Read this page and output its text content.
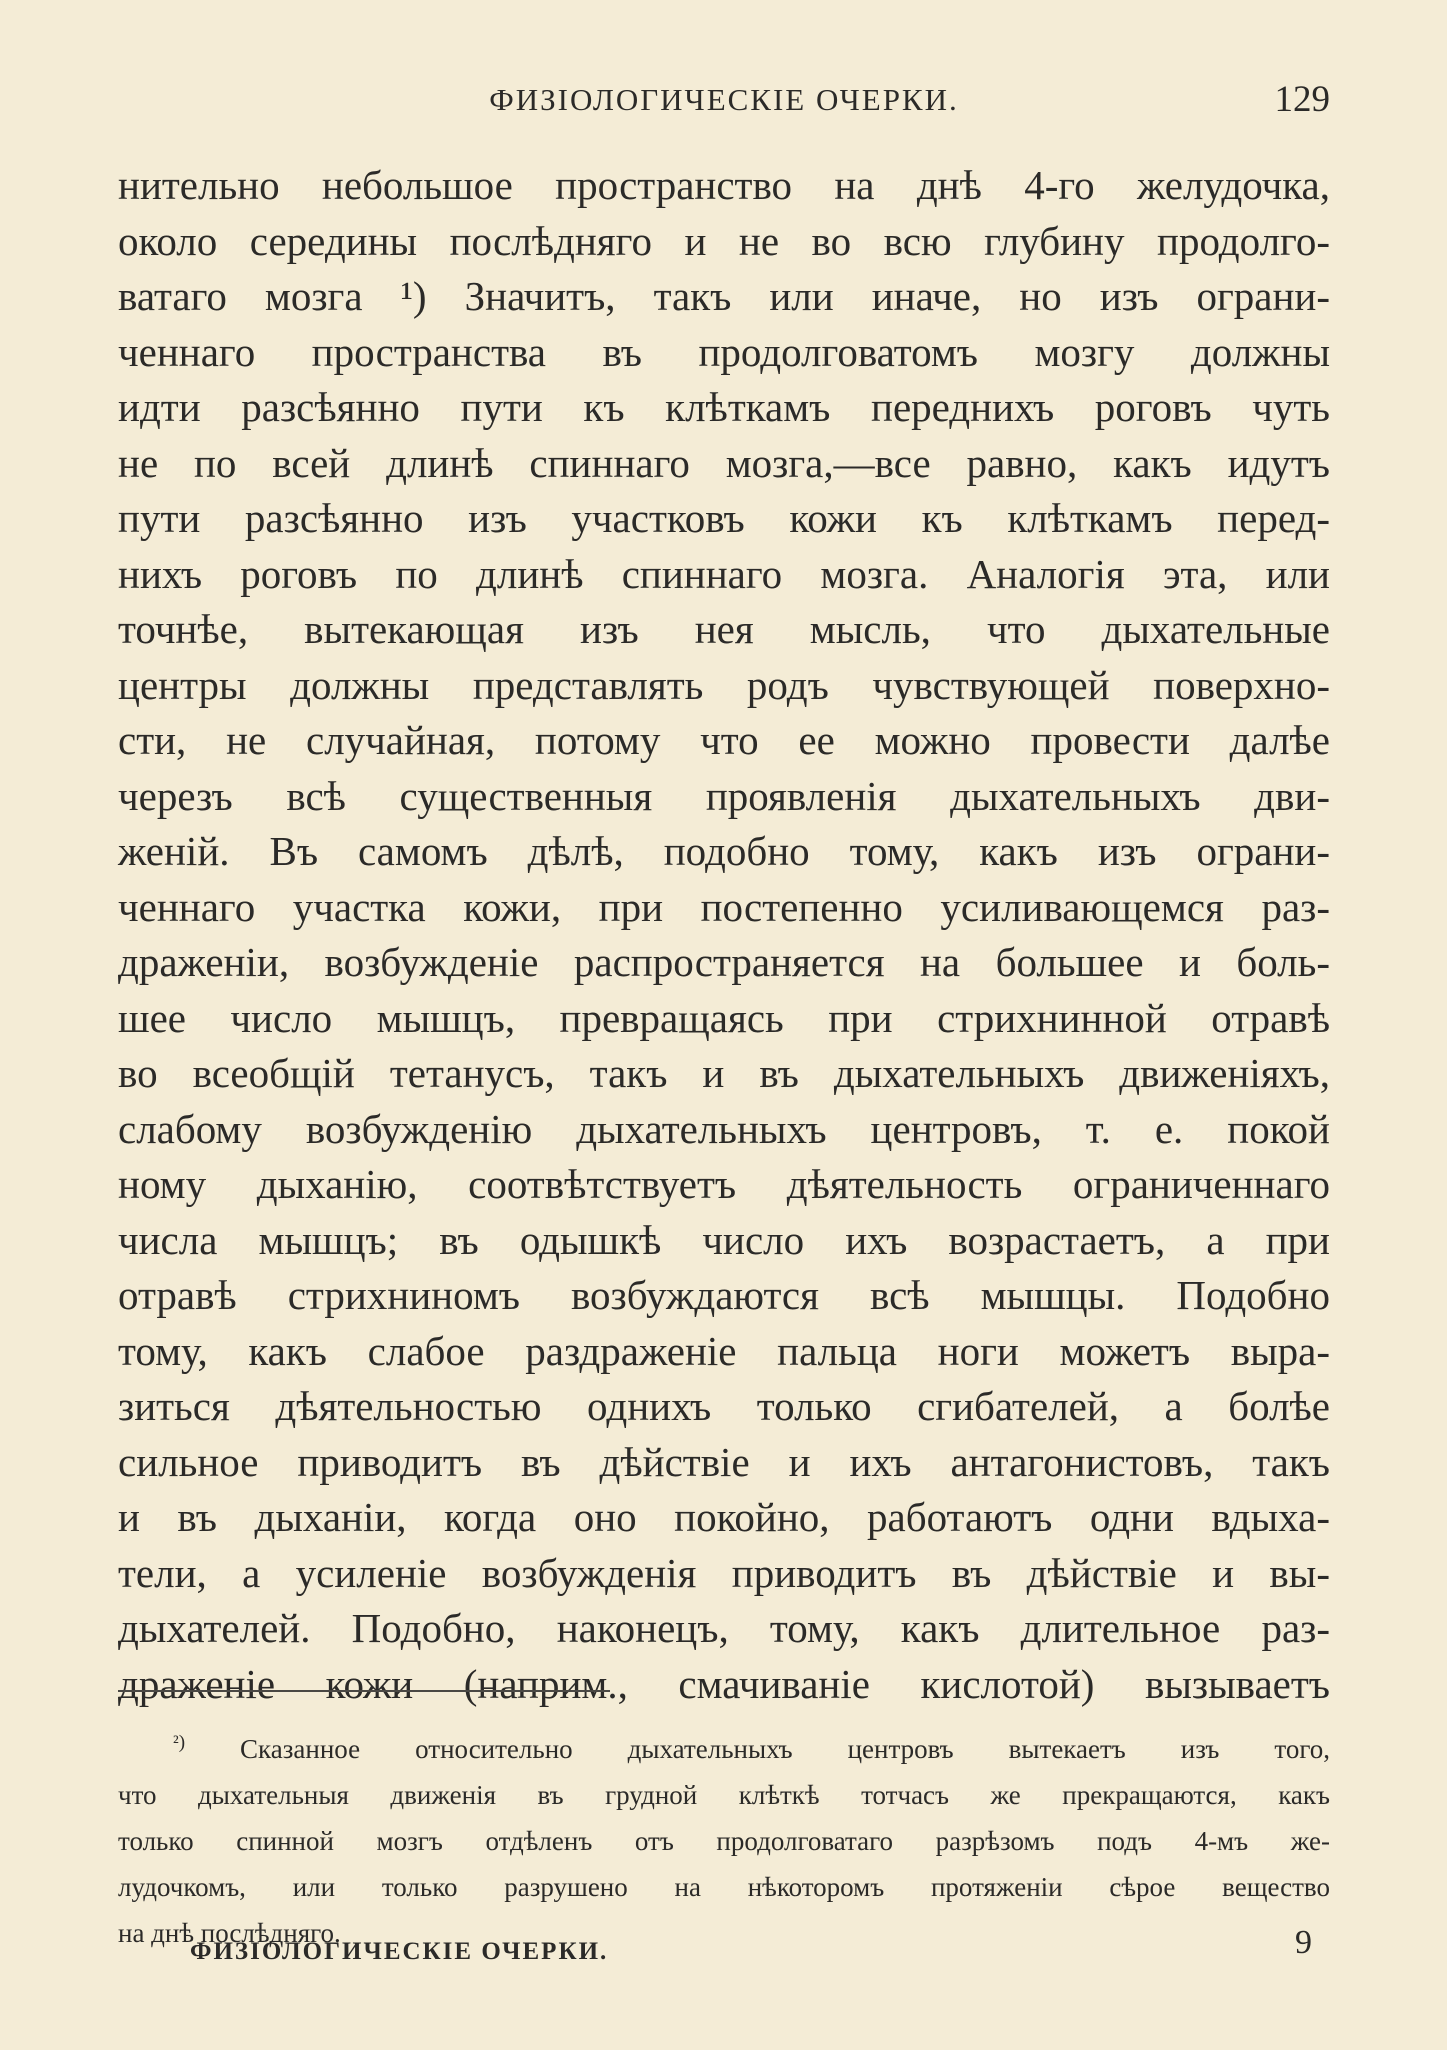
ФИЗІОЛОГИЧЕСКІЕ ОЧЕРКИ.	129
нительно небольшое пространство на днѣ 4-го желудочка,
около середины послѣдняго и не во всю глубину продолго-
ватаго мозга ¹) Значитъ, такъ или иначе, но изъ ограни-
ченнаго пространства въ продолговатомъ мозгу должны
идти разсѣянно пути къ клѣткамъ переднихъ роговъ чуть
не по всей длинѣ спиннаго мозга,—все равно, какъ идутъ
пути разсѣянно изъ участковъ кожи къ клѣткамъ перед-
нихъ роговъ по длинѣ спиннаго мозга. Аналогія эта, или
точнѣе, вытекающая изъ нея мысль, что дыхательные
центры должны представлять родъ чувствующей поверхно-
сти, не случайная, потому что ее можно провести далѣе
черезъ всѣ существенныя проявленія дыхательныхъ дви-
женій. Въ самомъ дѣлѣ, подобно тому, какъ изъ ограни-
ченнаго участка кожи, при постепенно усиливающемся раз-
драженіи, возбужденіе распространяется на большее и боль-
шее число мышцъ, превращаясь при стрихнинной отравѣ
во всеобщій тетанусъ, такъ и въ дыхательныхъ движеніяхъ,
слабому возбужденію дыхательныхъ центровъ, т. е. покой
ному дыханію, соотвѣтствуетъ дѣятельность ограниченнаго
числа мышцъ; въ одышкѣ число ихъ возрастаетъ, а при
отравѣ стрихниномъ возбуждаются всѣ мышцы. Подобно
тому, какъ слабое раздраженіе пальца ноги можетъ выра-
зиться дѣятельностью однихъ только сгибателей, а болѣе
сильное приводитъ въ дѣйствіе и ихъ антагонистовъ, такъ
и въ дыханіи, когда оно покойно, работаютъ одни вдыха-
тели, а усиленіе возбужденія приводитъ въ дѣйствіе и вы-
дыхателей. Подобно, наконецъ, тому, какъ длительное раз-
драженіе кожи (наприм., смачиваніе кислотой) вызываетъ
$^{^2)}$ Сказанное относительно дыхательныхъ центровъ вытекаетъ изъ того,
что дыхательныя движенія въ грудной клѣткѣ тотчасъ же прекращаются, какъ
только спинной мозгъ отдѣленъ отъ продолговатаго разрѣзомъ подъ 4-мъ же-
лудочкомъ, или только разрушено на нѣкоторомъ протяженіи сѣрое вещество
на днѣ послѣдняго.
ФИЗІОЛОГИЧЕСКІЕ ОЧЕРКИ.	9
